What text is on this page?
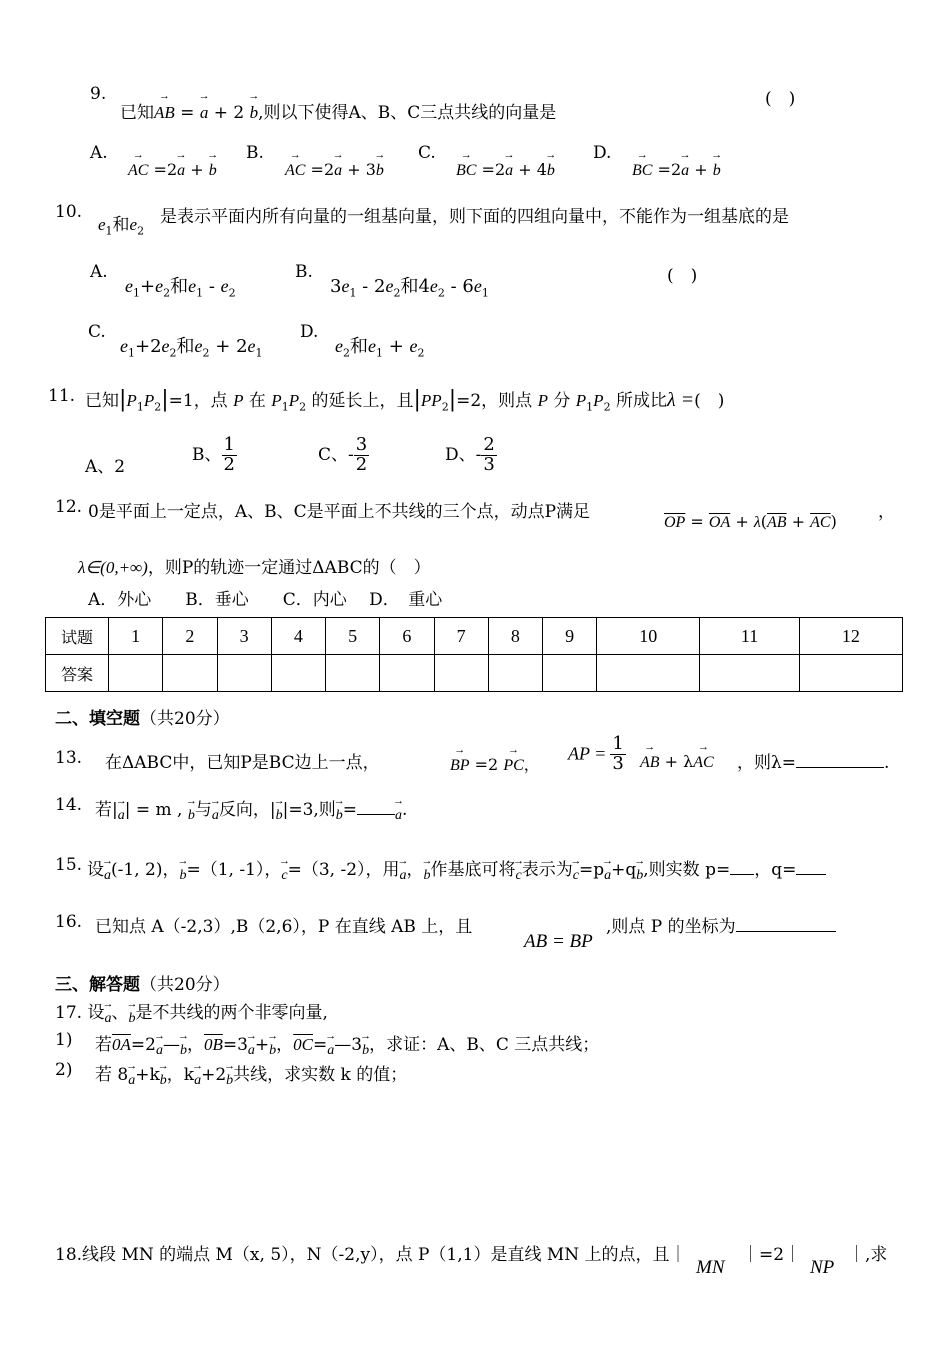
9.
已知→ AB = → a + 2 → b,则以下使得A、B、C三点共线的向量是
(　)
A.
→ AC =2→ a + → b
B.
→ AC =2→ a + 3→ b
C.
→ BC =2→ a + 4→ b
D.
→ BC =2→ a + → b
10.
$e_1$和$e_2$
是表示平面内所有向量的一组基向量，则下面的四组向量中，不能作为一组基底的是
(　)
A.
$e_1+e_2$和$e_1 - e_2$
B.
$3e_1 - 2e_2$和$4e_2 - 6e_1$
C.
$e_1+2e_2$和$e_2 + 2e_1$
D.
$e_2$和$e_1 + e_2$
11. 已知$|P_1P_2|=1$，点 P 在 $P_1P_2$ 的延长上，且$|PP_2|=2$，则点 P 分 $P_1P_2$ 所成比λ =(　)
A、2
B、 $\frac{1}{2}$	C、- $\frac{3}{2}$	D、- $\frac{2}{3}$
12. 0是平面上一定点，A、B、C是平面上不共线的三个点，动点P满足
$\overline{OP} = \overline{OA} + \lambda(\overline{AB} + \overline{AC})$ ，
λ∈(0,+∞)，则P的轨迹一定通过ΔABC的（　）
A．外心　　B．垂心　　C．内心　 D．　重心
试题	1	2	3	4	5	6	7	8	9	10	11	12
答案												
二、填空题（共20分）
13. 在ΔABC中，已知P是BC边上一点，	→ BP =2 → PC，
AP = $\frac{1}{3}$ → AB + λ→ AC ，则λ=	.
14. 若|→ $_a$| = m , → $_b$与→ $_a$反向，|→ $_b$|=3,则→ $_b$=	→ $_a$.
15. 设→ $_a$(-1, 2)，→ $_b$=（1, -1），→ $_c$=（3, -2），用→ $_a$，→ $_b$作基底可将→ $_c$表示为→ $_c$=p→ $_a$+q→ $_b$,则实数 p= ，q=
16. 已知点 A（-2,3）,B（2,6），P 在直线 AB 上，且
AB = BP
,则点 P 的坐标为
三、解答题（共20分）
17. 设→ $_a$、→ $_b$是不共线的两个非零向量,
1) 若0A=2→ $_a$—→ $_b$，0B=3→ $_a$+→ $_b$，0C=→ $_a$—3→ $_b$，求证：A、B、C 三点共线；
2) 若 8→ $_a$+k→ $_b$，k→ $_a$+2→ $_b$共线，求实数 k 的值；
18.线段 MN 的端点 M（x, 5），N（-2,y），点 P（1,1）是直线 MN 上的点，且｜
MN
｜=2｜
NP
｜,求
